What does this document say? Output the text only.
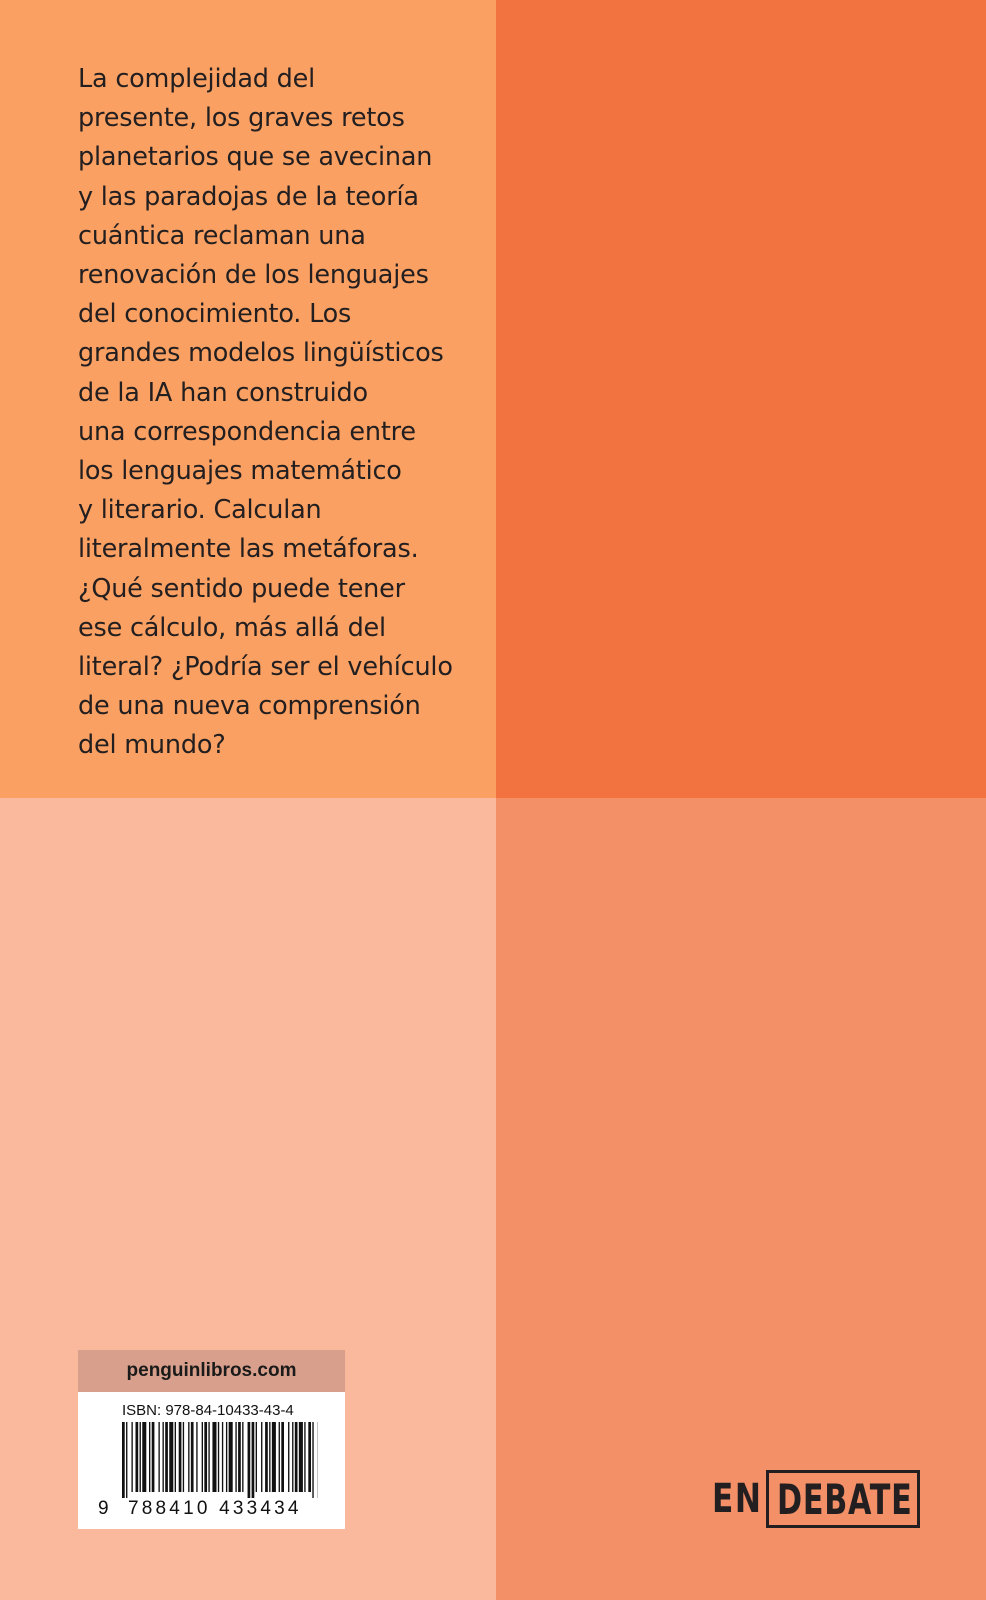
La complejidad del
presente, los graves retos
planetarios que se avecinan
y las paradojas de la teoría
cuántica reclaman una
renovación de los lenguajes
del conocimiento. Los
grandes modelos lingüísticos
de la IA han construido
una correspondencia entre
los lenguajes matemático
y literario. Calculan
literalmente las metáforas.
¿Qué sentido puede tener
ese cálculo, más allá del
literal? ¿Podría ser el vehículo
de una nueva comprensión
del mundo?

penguinlibros.com
ISBN: 978-84-10433-43-4
9 788410 433434	EN DEBATE
